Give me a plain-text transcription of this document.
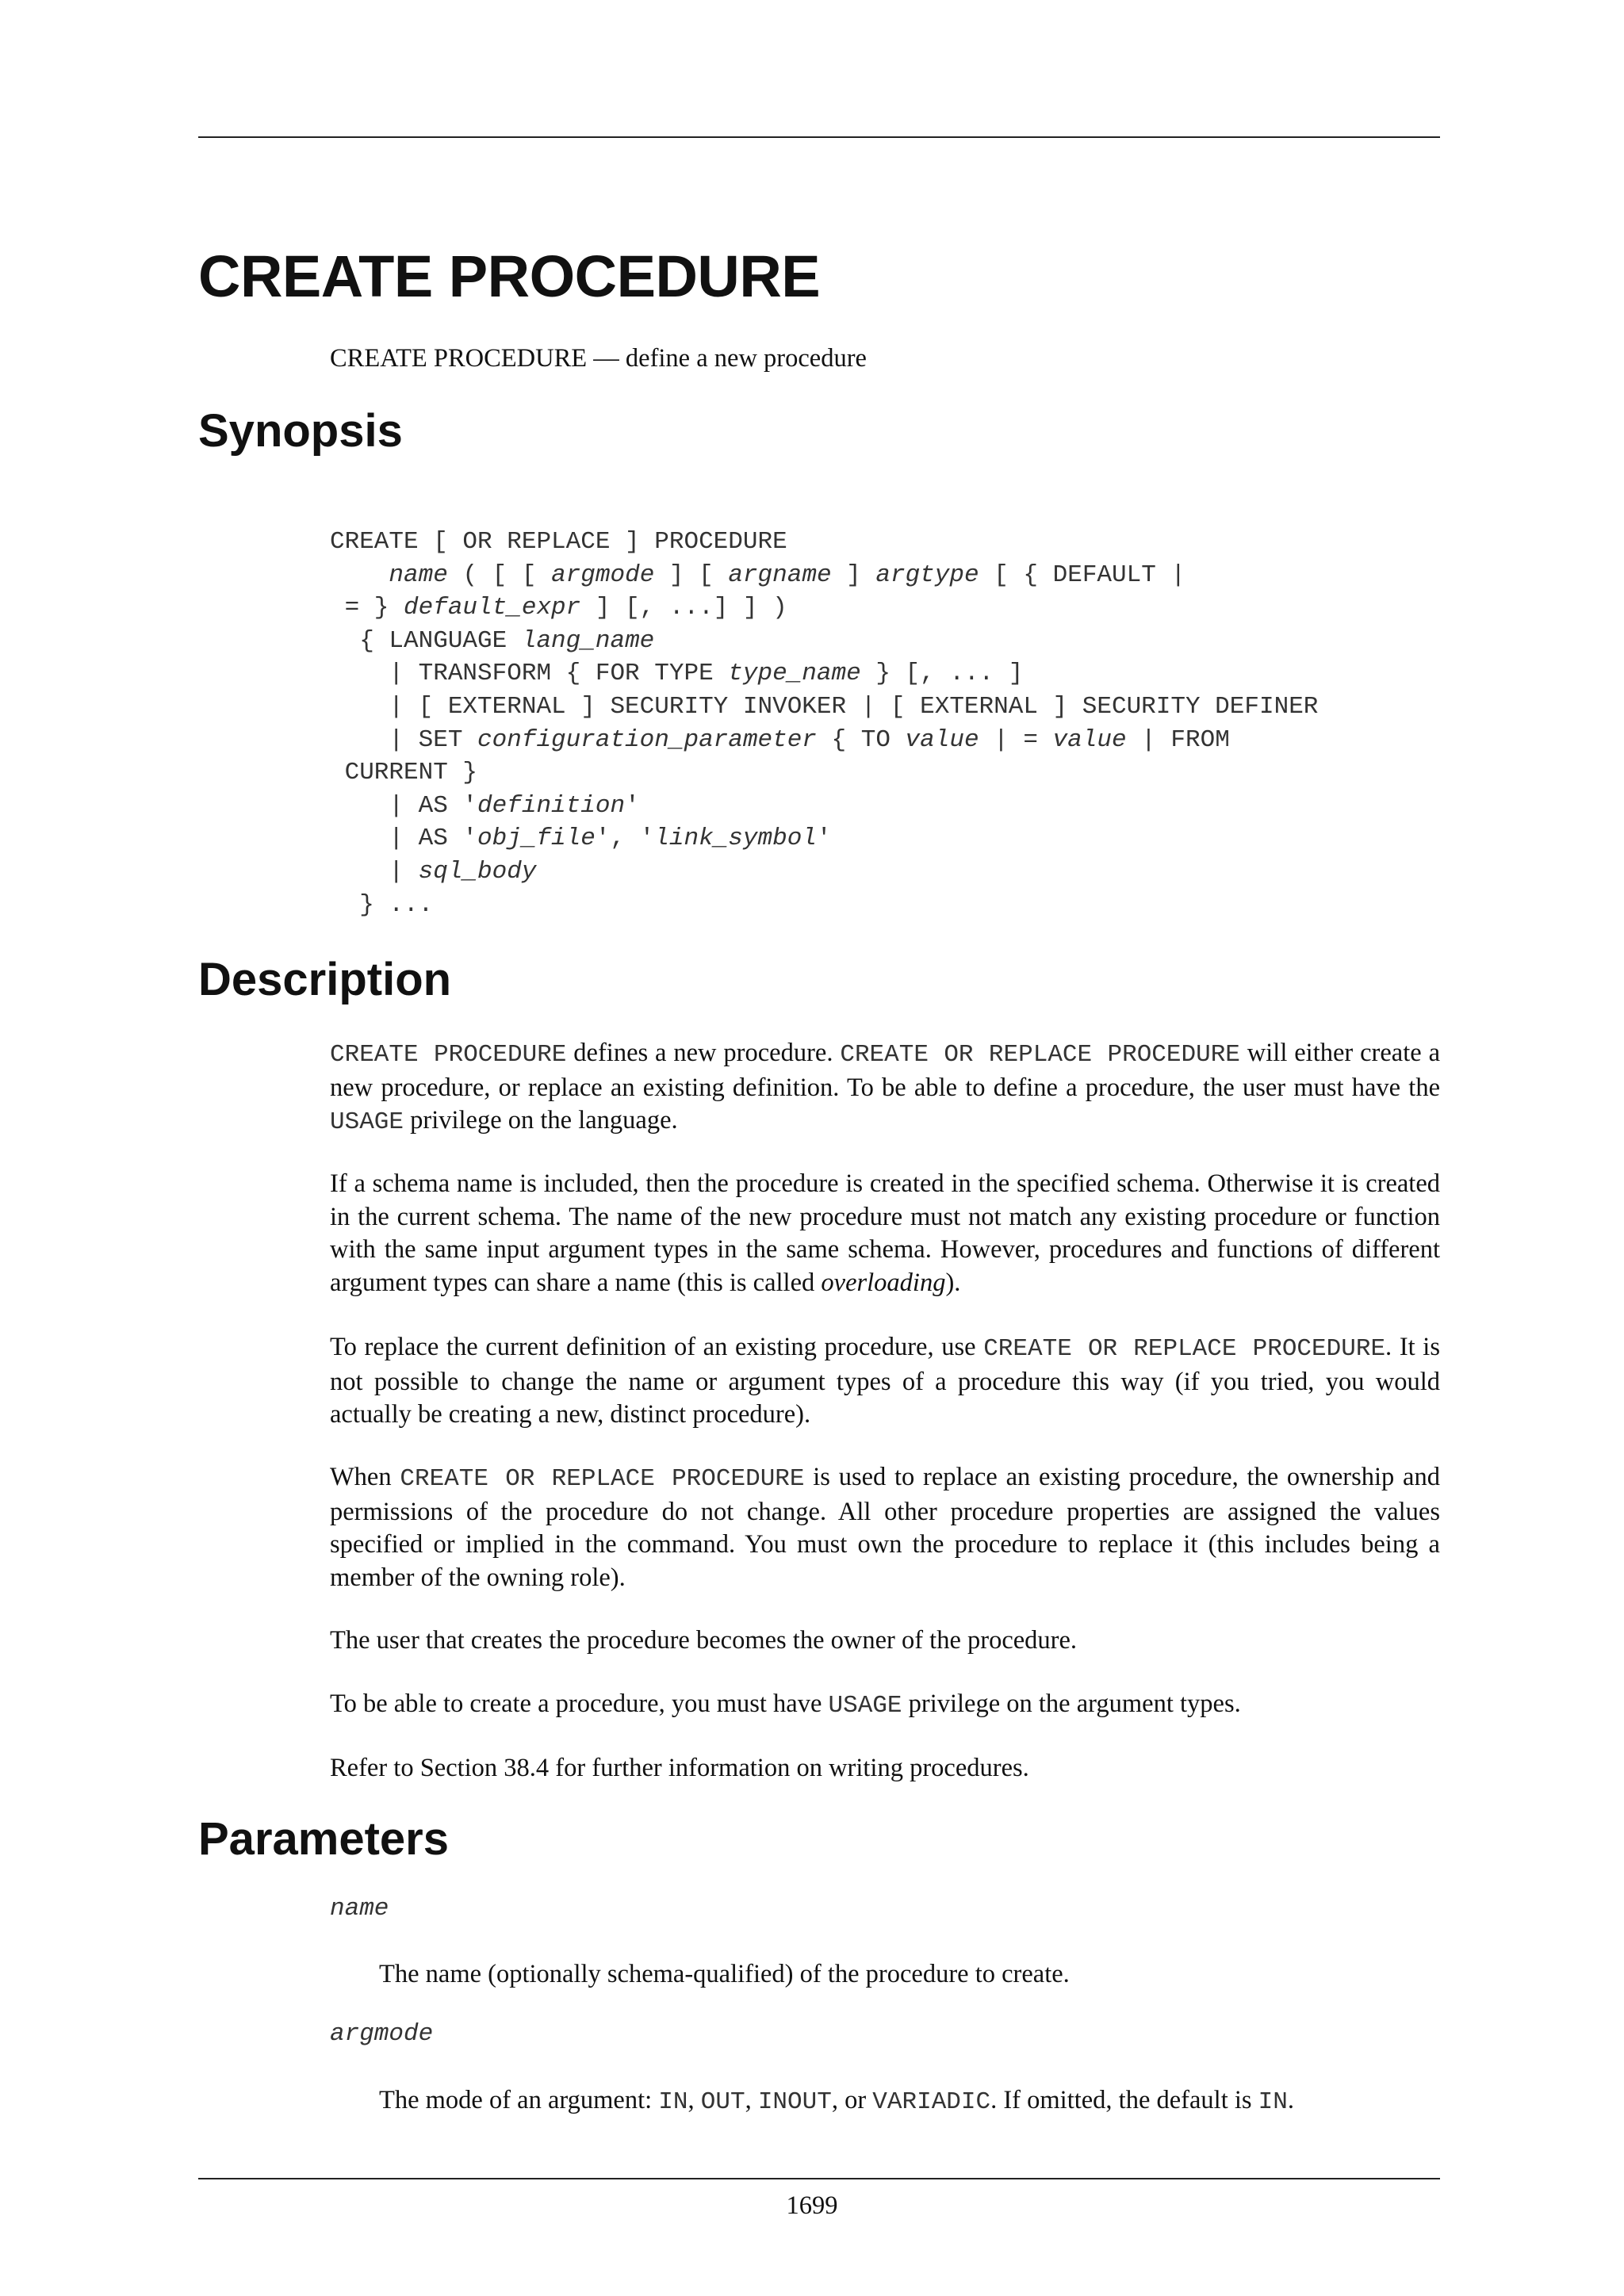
CREATE PROCEDURE

CREATE PROCEDURE — define a new procedure

Synopsis
CREATE [ OR REPLACE ] PROCEDURE
name ( [ [ argmode ] [ argname ] argtype [ { DEFAULT |
= } default_expr ] [, ...] ] )
{ LANGUAGE lang_name
| TRANSFORM { FOR TYPE type_name } [, ... ]
| [ EXTERNAL ] SECURITY INVOKER | [ EXTERNAL ] SECURITY DEFINER
| SET configuration_parameter { TO value | = value | FROM
CURRENT }
| AS 'definition'
| AS 'obj_file', 'link_symbol'
| sql_body
} ...
Description

CREATE PROCEDURE defines a new procedure. CREATE OR REPLACE PROCEDURE will either create a new procedure, or replace an existing definition. To be able to define a procedure, the user must have the USAGE privilege on the language.

If a schema name is included, then the procedure is created in the specified schema. Otherwise it is created in the current schema. The name of the new procedure must not match any existing procedure or function with the same input argument types in the same schema. However, procedures and functions of different argument types can share a name (this is called overloading).

To replace the current definition of an existing procedure, use CREATE OR REPLACE PROCEDURE. It is not possible to change the name or argument types of a procedure this way (if you tried, you would actually be creating a new, distinct procedure).

When CREATE OR REPLACE PROCEDURE is used to replace an existing procedure, the ownership and permissions of the procedure do not change. All other procedure properties are assigned the values specified or implied in the command. You must own the procedure to replace it (this includes being a member of the owning role).

The user that creates the procedure becomes the owner of the procedure.

To be able to create a procedure, you must have USAGE privilege on the argument types.

Refer to Section 38.4 for further information on writing procedures.

Parameters
name

The name (optionally schema-qualified) of the procedure to create.

argmode

The mode of an argument: IN, OUT, INOUT, or VARIADIC. If omitted, the default is IN.

1699
